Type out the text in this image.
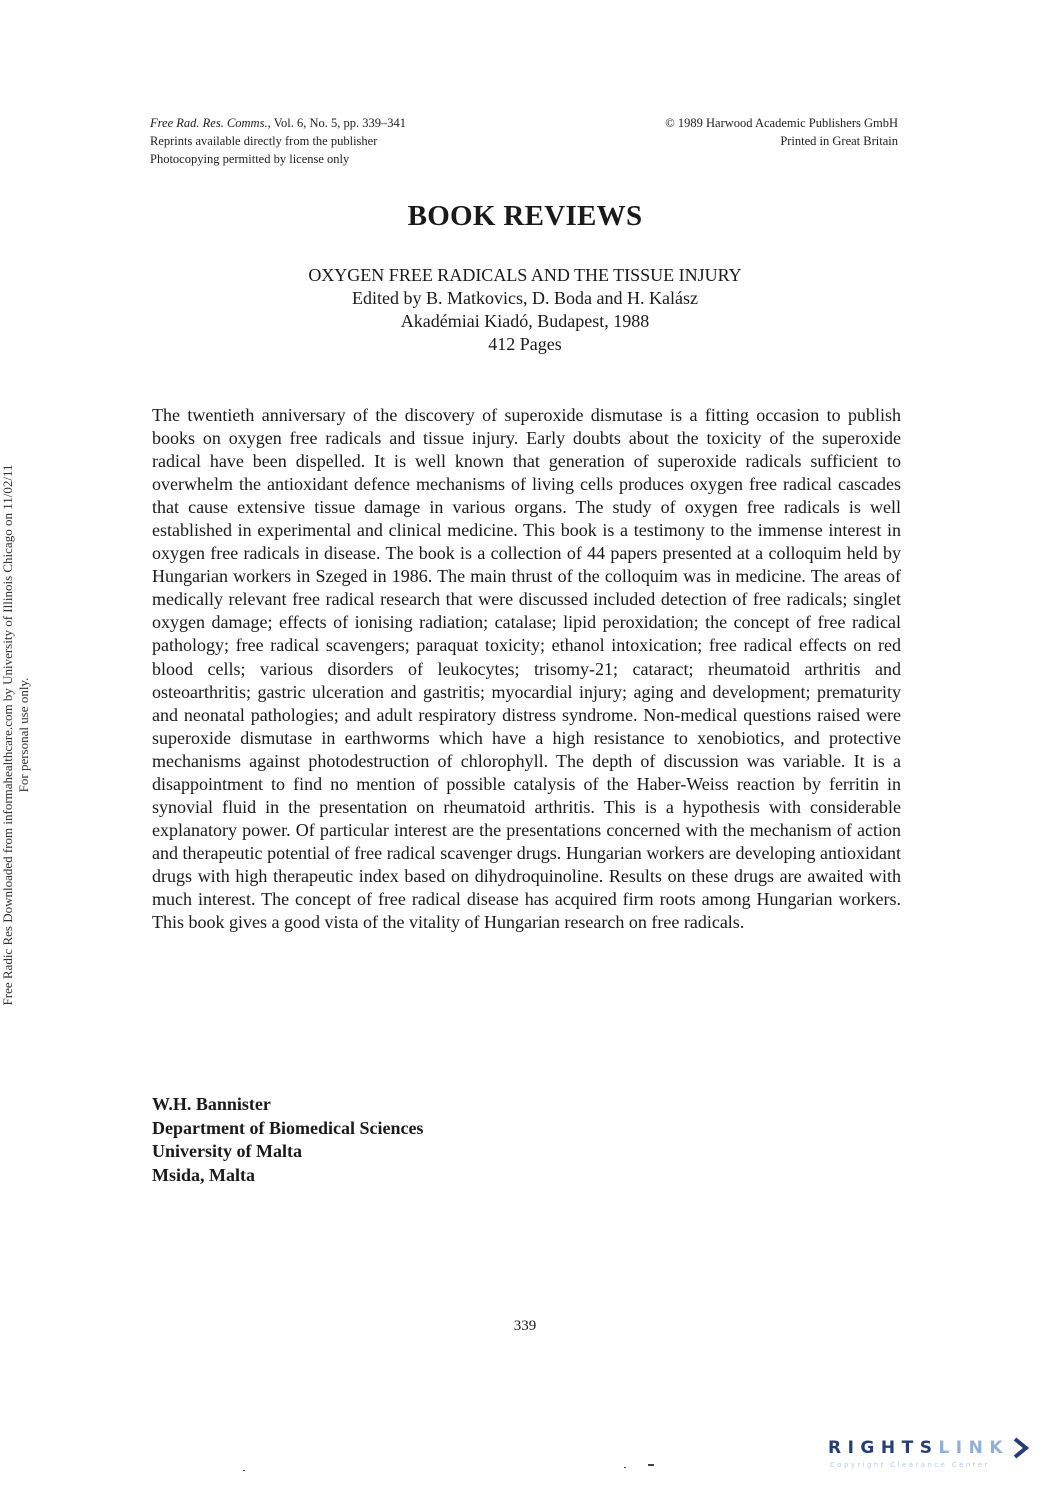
Free Rad. Res. Comms., Vol. 6, No. 5, pp. 339–341
Reprints available directly from the publisher
Photocopying permitted by license only
© 1989 Harwood Academic Publishers GmbH
Printed in Great Britain
BOOK REVIEWS
OXYGEN FREE RADICALS AND THE TISSUE INJURY
Edited by B. Matkovics, D. Boda and H. Kalász
Akadémiai Kiadó, Budapest, 1988
412 Pages

The twentieth anniversary of the discovery of superoxide dismutase is a fitting occasion to publish books on oxygen free radicals and tissue injury. Early doubts about the toxicity of the superoxide radical have been dispelled. It is well known that generation of superoxide radicals sufficient to overwhelm the antioxidant defence mechanisms of living cells produces oxygen free radical cascades that cause extensive tissue damage in various organs. The study of oxygen free radicals is well established in experimental and clinical medicine. This book is a testimony to the immense interest in oxygen free radicals in disease. The book is a collection of 44 papers presented at a colloquim held by Hungarian workers in Szeged in 1986. The main thrust of the colloquim was in medicine. The areas of medically relevant free radical research that were discussed included detection of free radicals; singlet oxygen damage; effects of ionising radiation; catalase; lipid peroxidation; the concept of free radical pathology; free radical scavengers; paraquat toxicity; ethanol intoxication; free radical effects on red blood cells; various disorders of leukocytes; trisomy-21; cataract; rheumatoid arthritis and osteoarthritis; gastric ulceration and gastritis; myocardial injury; aging and development; prematurity and neonatal pathologies; and adult respiratory distress syndrome. Non-medical questions raised were superoxide dismutase in earthworms which have a high resistance to xenobiotics, and protective mechanisms against photodestruction of chlorophyll. The depth of discussion was variable. It is a disappointment to find no mention of possible catalysis of the Haber-Weiss reaction by ferritin in synovial fluid in the presentation on rheumatoid arthritis. This is a hypothesis with considerable explanatory power. Of particular interest are the presentations concerned with the mechanism of action and therapeutic potential of free radical scavenger drugs. Hungarian workers are developing antioxidant drugs with high therapeutic index based on dihydroquinoline. Results on these drugs are awaited with much interest. The concept of free radical disease has acquired firm roots among Hungarian workers. This book gives a good vista of the vitality of Hungarian research on free radicals.

W.H. Bannister
Department of Biomedical Sciences
University of Malta
Msida, Malta
339
Free Radic Res Downloaded from informahealthcare.com by University of Illinois Chicago on 11/02/11 For personal use only.
RIGHTSLINK
Copyright Clearance Center
